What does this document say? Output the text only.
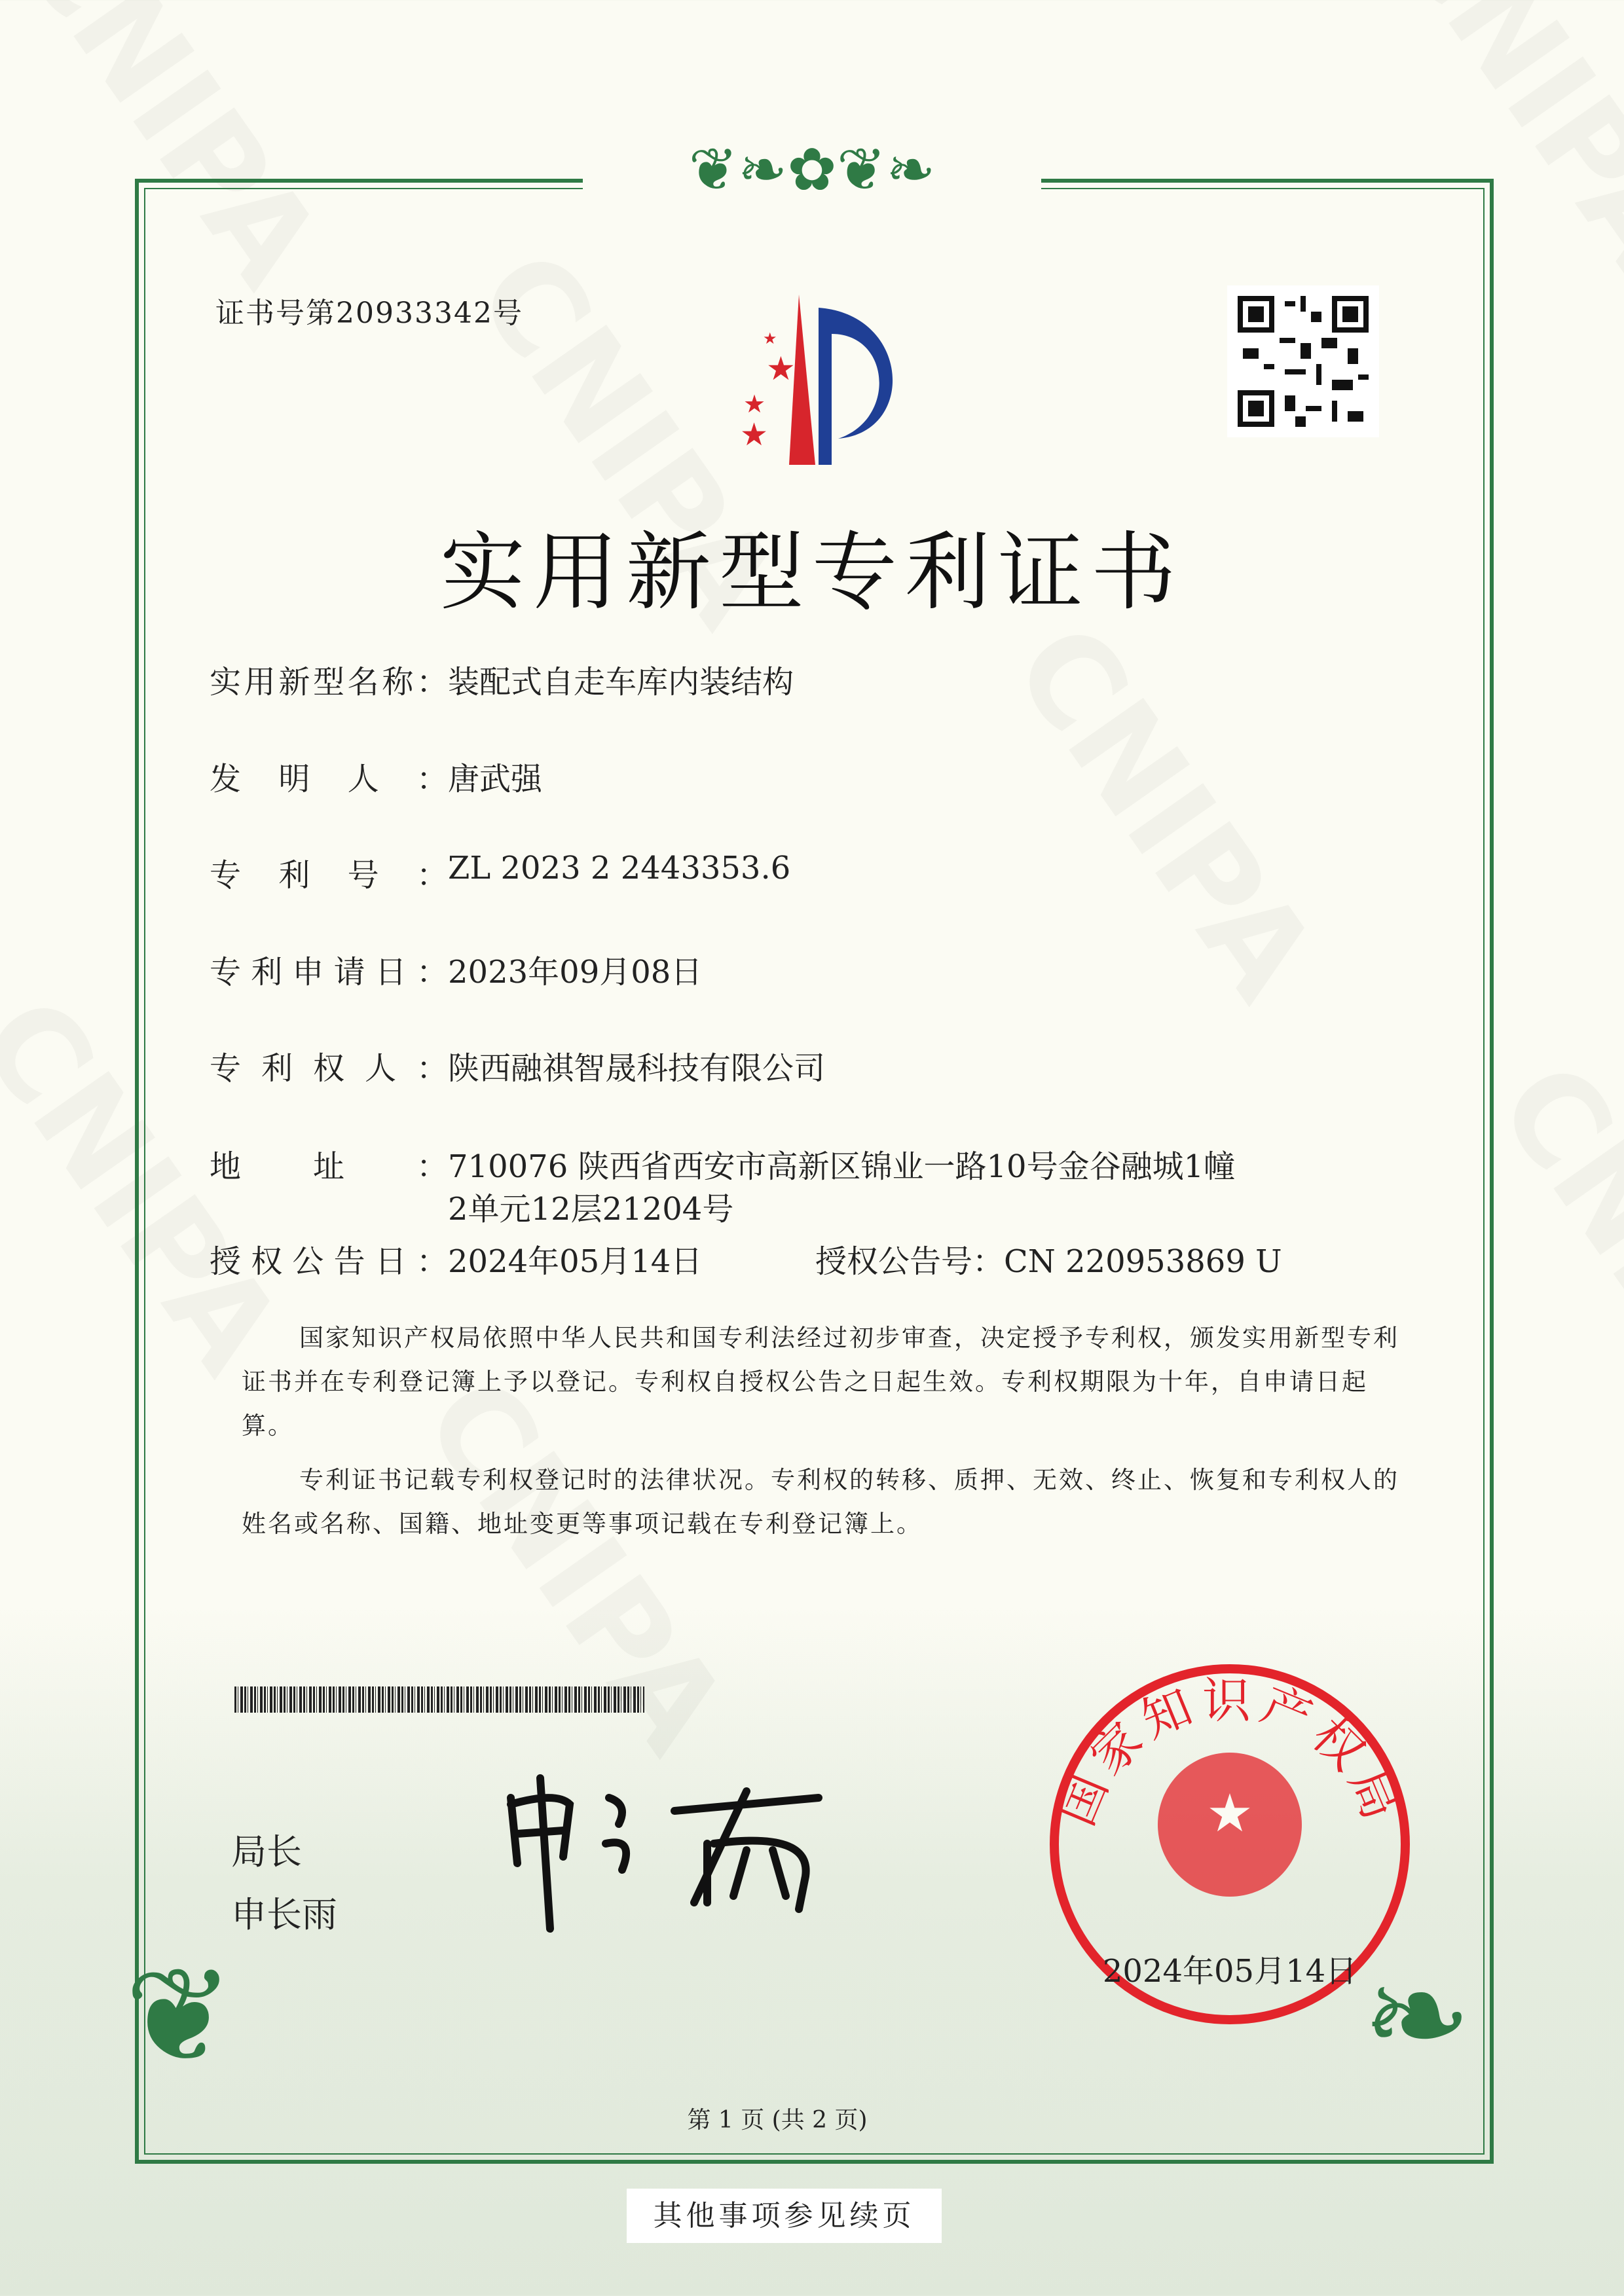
❦❧✿❦❧
❦	❧
证书号第20933342号
★
★
★
★
实用新型专利证书
实用新型名称： 装配式自走车库内装结构
发明人： 唐武强
专利号： ZL 2023 2 2443353.6
专利申请日： 2023年09月08日
专利权人： 陕西融祺智晟科技有限公司
地址： 710076 陕西省西安市高新区锦业一路10号金谷融城1幢
2单元12层21204号
授权公告日： 2024年05月14日	授权公告号：CN 220953869 U
国家知识产权局依照中华人民共和国专利法经过初步审查，决定授予专利权，颁发实用新型专利证书并在专利登记簿上予以登记。专利权自授权公告之日起生效。专利权期限为十年，自申请日起算。
专利证书记载专利权登记时的法律状况。专利权的转移、质押、无效、终止、恢复和专利权人的姓名或名称、国籍、地址变更等事项记载在专利登记簿上。
局长
申长雨
★
国家知识产权局
2024年05月14日
第 1 页 (共 2 页)
其他事项参见续页
